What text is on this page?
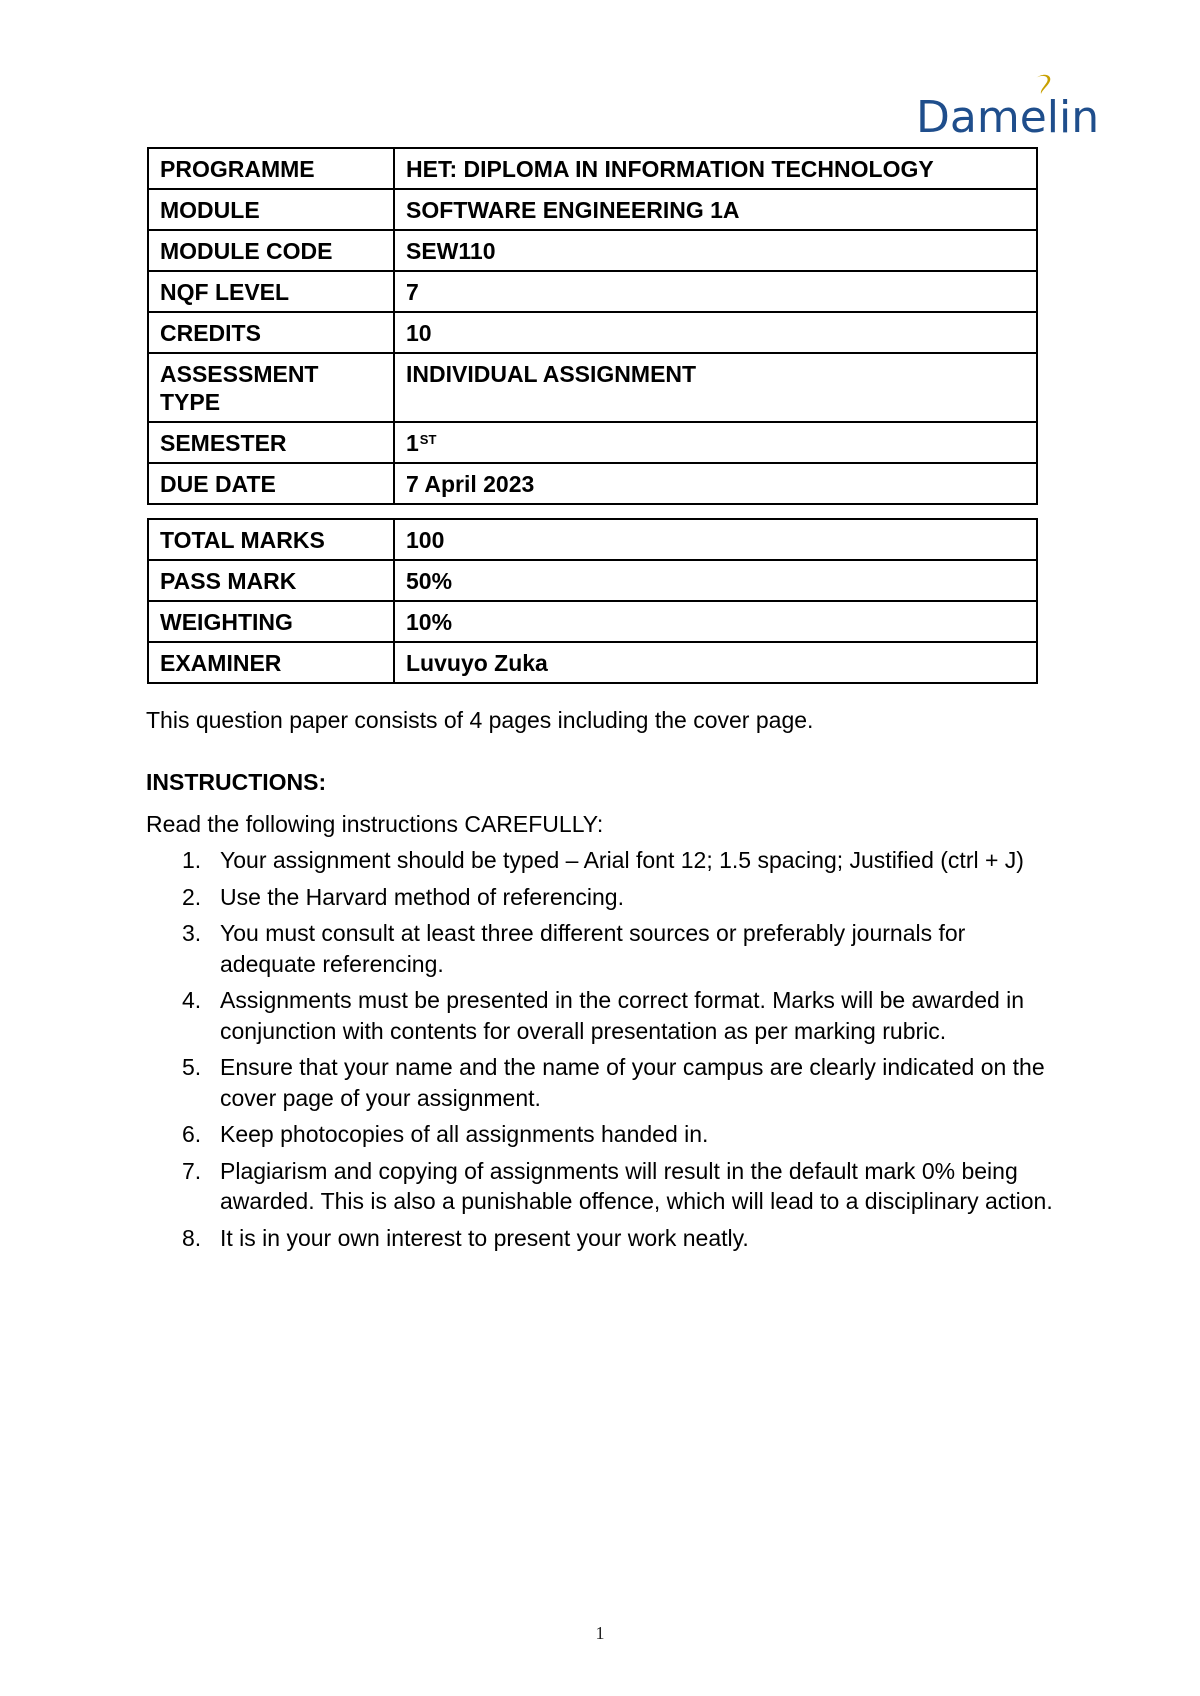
Damelin
PROGRAMME	HET: DIPLOMA IN INFORMATION TECHNOLOGY
MODULE	SOFTWARE ENGINEERING 1A
MODULE CODE	SEW110
NQF LEVEL	7
CREDITS	10
ASSESSMENT TYPE	INDIVIDUAL ASSIGNMENT
SEMESTER	1ST
DUE DATE	7 April 2023
TOTAL MARKS	100
PASS MARK	50%
WEIGHTING	10%
EXAMINER	Luvuyo Zuka

This question paper consists of 4 pages including the cover page.

INSTRUCTIONS:

Read the following instructions CAREFULLY:

1. Your assignment should be typed – Arial font 12; 1.5 spacing; Justified (ctrl + J)
2. Use the Harvard method of referencing.
3. You must consult at least three different sources or preferably journals for adequate referencing.
4. Assignments must be presented in the correct format. Marks will be awarded in conjunction with contents for overall presentation as per marking rubric.
5. Ensure that your name and the name of your campus are clearly indicated on the cover page of your assignment.
6. Keep photocopies of all assignments handed in.
7. Plagiarism and copying of assignments will result in the default mark 0% being awarded. This is also a punishable offence, which will lead to a disciplinary action.
8. It is in your own interest to present your work neatly.
1
